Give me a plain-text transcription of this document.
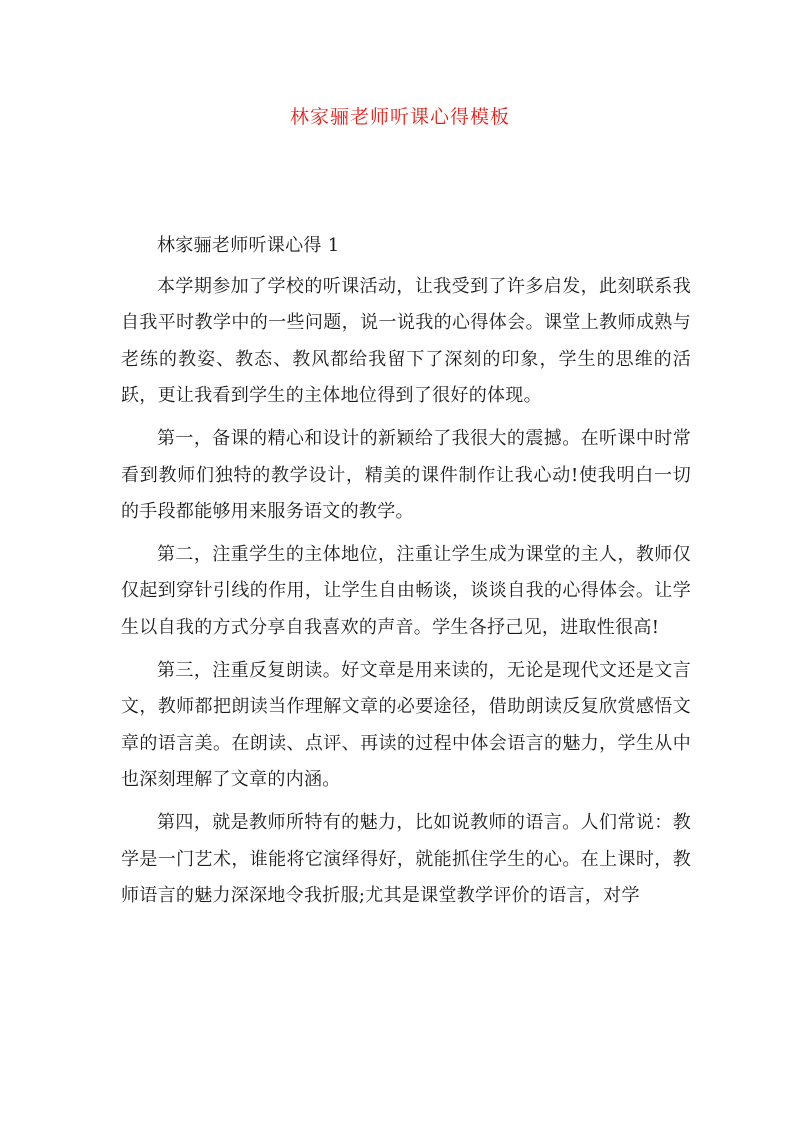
林家骊老师听课心得模板

林家骊老师听课心得 1

本学期参加了学校的听课活动，让我受到了许多启发，此刻联系我自我平时教学中的一些问题，说一说我的心得体会。课堂上教师成熟与老练的教姿、教态、教风都给我留下了深刻的印象，学生的思维的活跃，更让我看到学生的主体地位得到了很好的体现。

第一，备课的精心和设计的新颖给了我很大的震撼。在听课中时常看到教师们独特的教学设计，精美的课件制作让我心动!使我明白一切的手段都能够用来服务语文的教学。

第二，注重学生的主体地位，注重让学生成为课堂的主人，教师仅仅起到穿针引线的作用，让学生自由畅谈，谈谈自我的心得体会。让学生以自我的方式分享自我喜欢的声音。学生各抒己见，进取性很高!

第三，注重反复朗读。好文章是用来读的，无论是现代文还是文言文，教师都把朗读当作理解文章的必要途径，借助朗读反复欣赏感悟文章的语言美。在朗读、点评、再读的过程中体会语言的魅力，学生从中也深刻理解了文章的内涵。

第四，就是教师所特有的魅力，比如说教师的语言。人们常说：教学是一门艺术，谁能将它演绎得好，就能抓住学生的心。在上课时，教师语言的魅力深深地令我折服;尤其是课堂教学评价的语言，对学
